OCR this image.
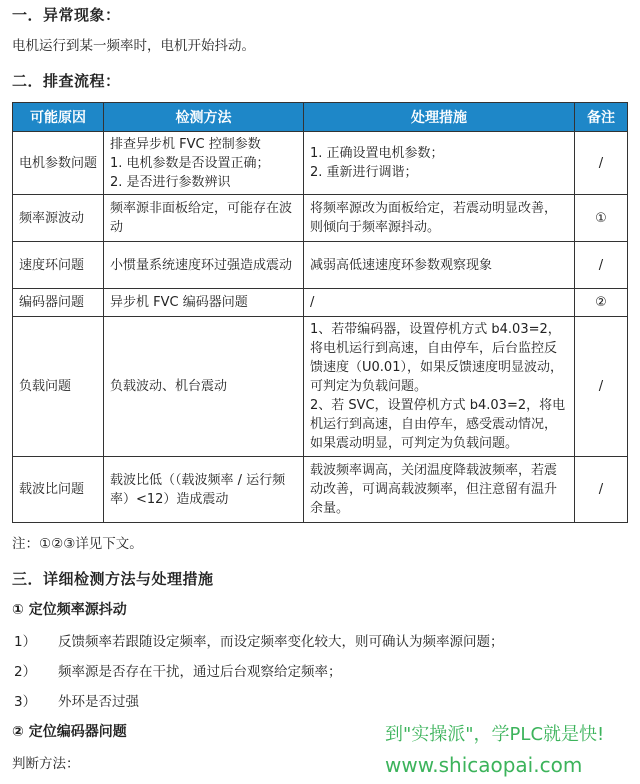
一．异常现象：
电机运行到某一频率时，电机开始抖动。
二．排查流程：
可能原因	检测方法	处理措施	备注
电机参数问题	排查异步机 FVC 控制参数
1. 电机参数是否设置正确；
2. 是否进行参数辨识	1. 正确设置电机参数；
2. 重新进行调谐；	/
频率源波动	频率源非面板给定，可能存在波动	将频率源改为面板给定，若震动明显改善，则倾向于频率源抖动。	①
速度环问题	小惯量系统速度环过强造成震动	减弱高低速速度环参数观察现象	/
编码器问题	异步机 FVC 编码器问题	/	②
负载问题	负载波动、机台震动	1、若带编码器，设置停机方式 b4.03=2，将电机运行到高速，自由停车，后台监控反馈速度（U0.01），如果反馈速度明显波动，可判定为负载问题。
2、若 SVC，设置停机方式 b4.03=2，将电机运行到高速，自由停车，感受震动情况，如果震动明显，可判定为负载问题。	/
载波比问题	载波比低（（载波频率 / 运行频率）<12）造成震动	载波频率调高，关闭温度降载波频率，若震动改善，可调高载波频率，但注意留有温升余量。	/
注：①②③详见下文。
三．详细检测方法与处理措施
① 定位频率源抖动
1） 反馈频率若跟随设定频率，而设定频率变化较大，则可确认为频率源问题；
2） 频率源是否存在干扰，通过后台观察给定频率；
3） 外环是否过强
② 定位编码器问题
判断方法：
到"实操派"，学PLC就是快!
www.shicaopai.com
